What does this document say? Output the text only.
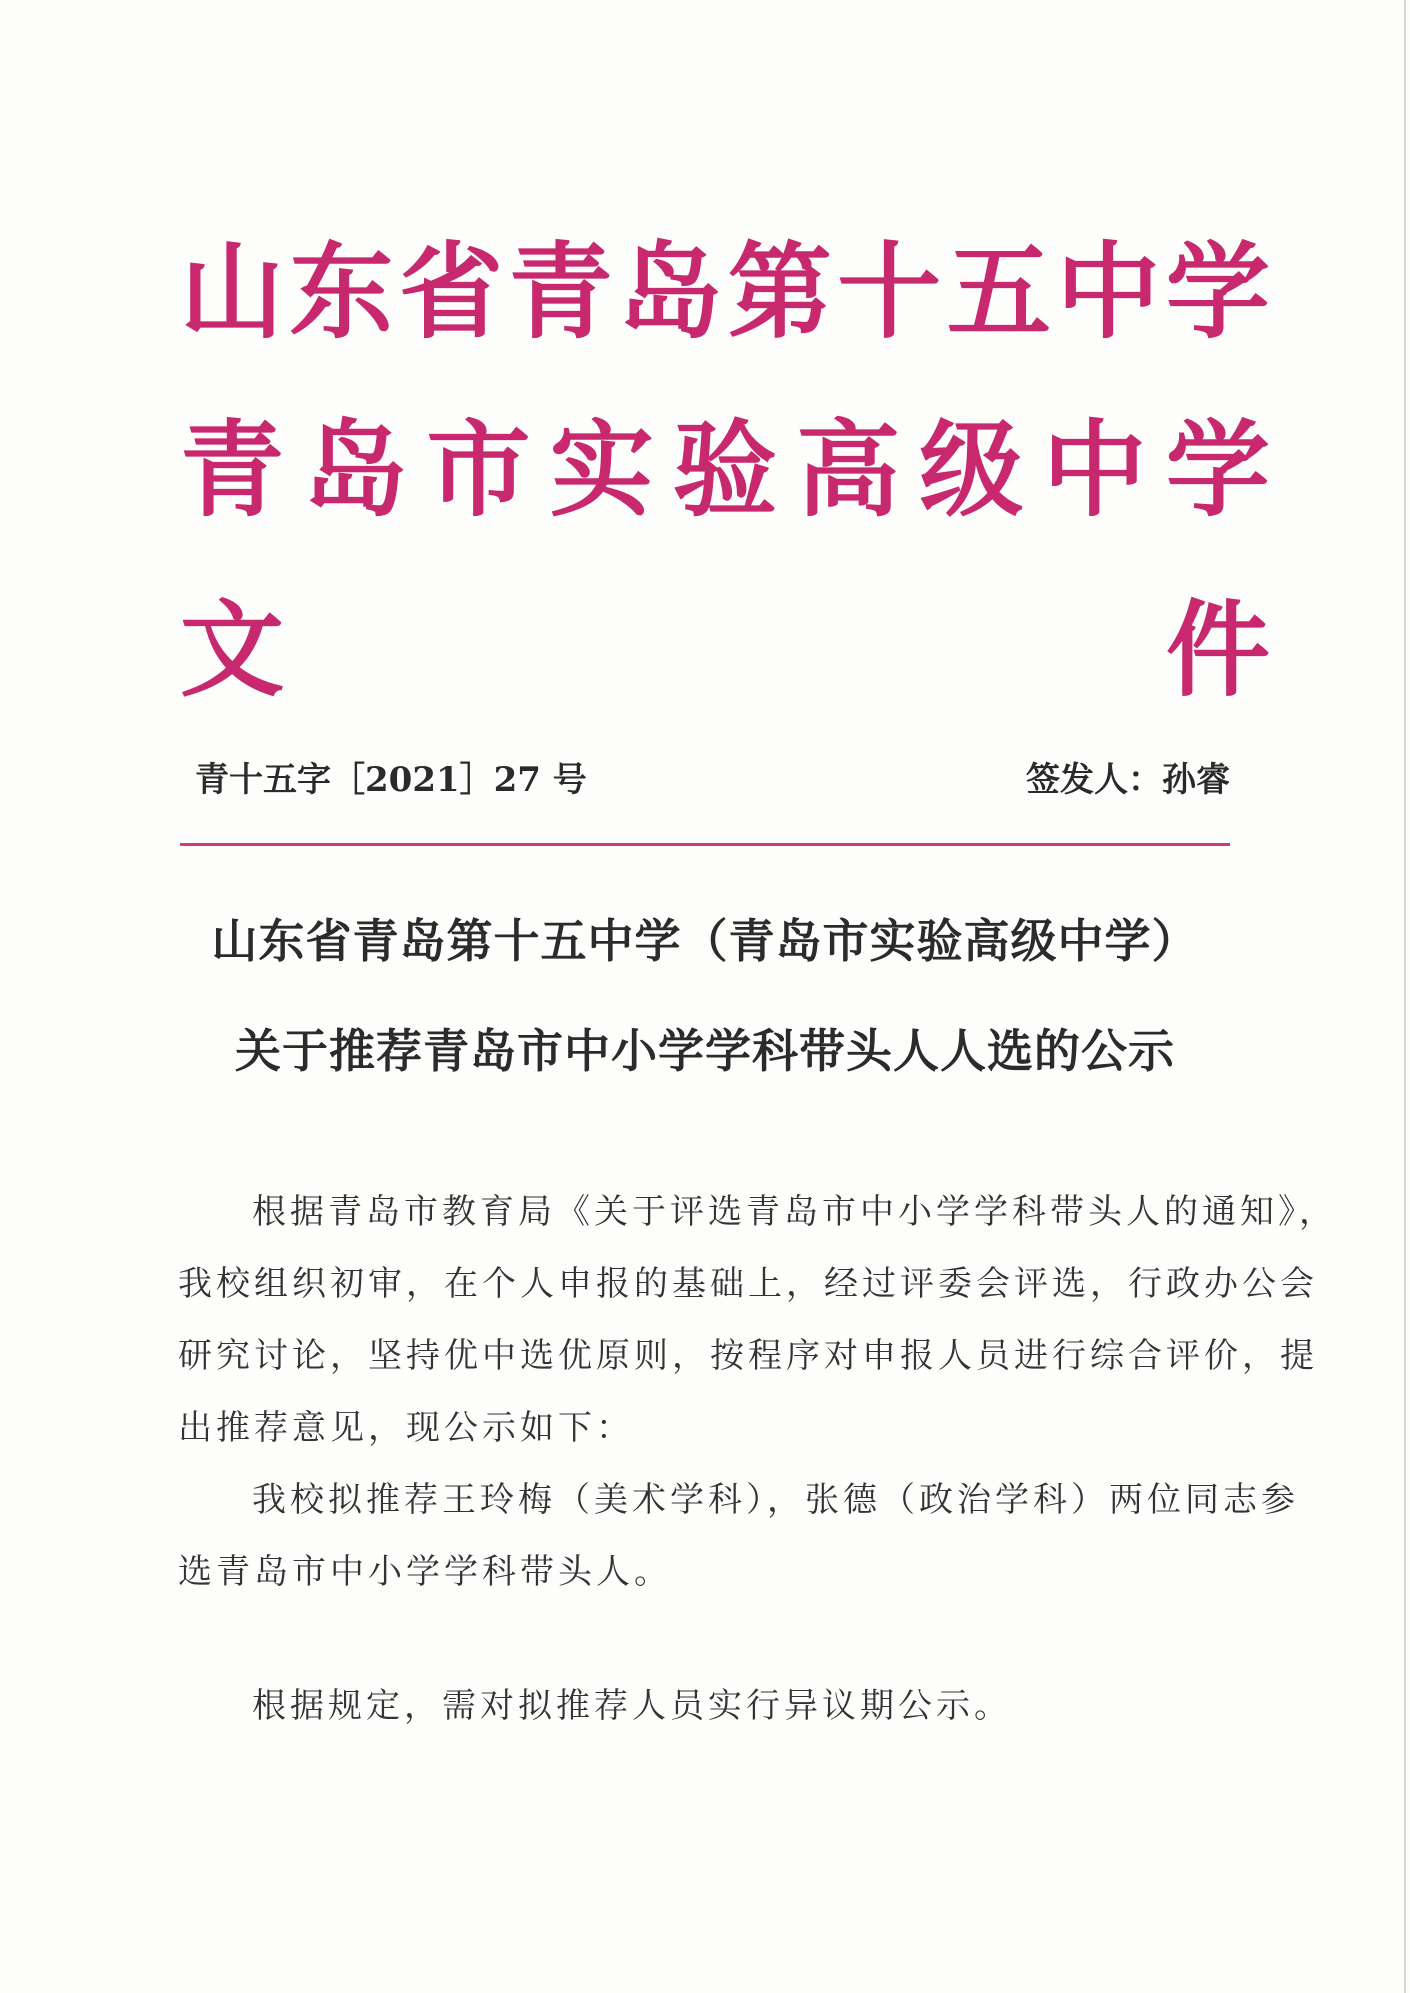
山 东 省 青 岛 第 十 五 中 学
青 岛 市 实 验 高 级 中 学
文	件
青十五字［2021］27 号	签发人：孙睿
山东省青岛第十五中学（青岛市实验高级中学）
关于推荐青岛市中小学学科带头人人选的公示
根据青岛市教育局《关于评选青岛市中小学学科带头人的通知》，
我校组织初审，在个人申报的基础上，经过评委会评选，行政办公会
研究讨论，坚持优中选优原则，按程序对申报人员进行综合评价，提
出推荐意见，现公示如下：
我校拟推荐王玲梅（美术学科），张德（政治学科）两位同志参
选青岛市中小学学科带头人。
根据规定，需对拟推荐人员实行异议期公示。
